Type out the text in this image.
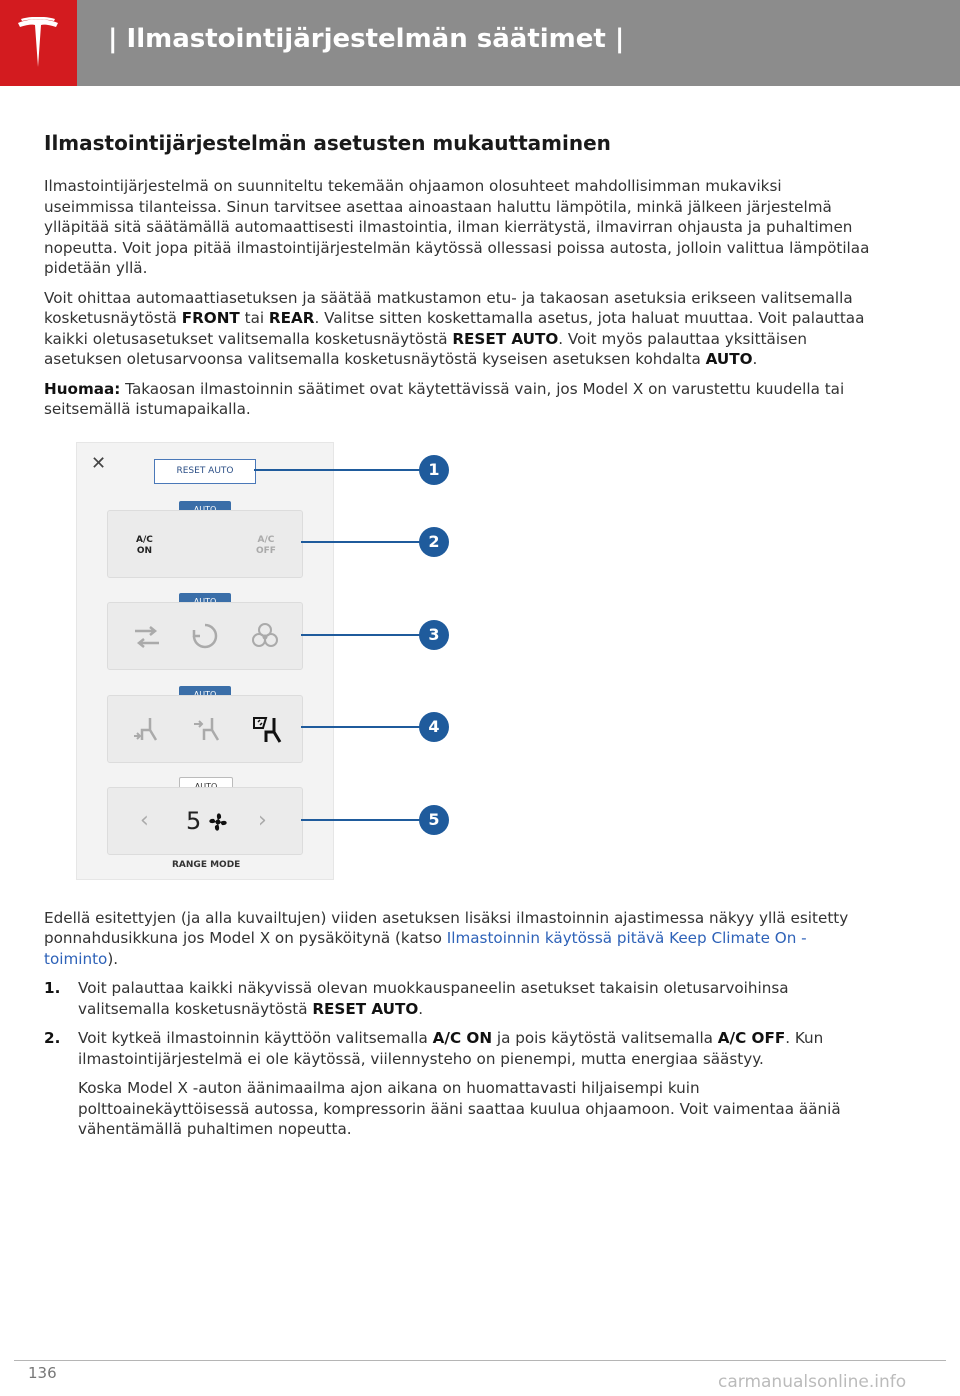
| Ilmastointijärjestelmän säätimet |
Ilmastointijärjestelmän asetusten mukauttaminen

Ilmastointijärjestelmä on suunniteltu tekemään ohjaamon olosuhteet mahdollisimman mukaviksi useimmissa tilanteissa. Sinun tarvitsee asettaa ainoastaan haluttu lämpötila, minkä jälkeen järjestelmä ylläpitää sitä säätämällä automaattisesti ilmastointia, ilman kierrätystä, ilmavirran ohjausta ja puhaltimen nopeutta. Voit jopa pitää ilmastointijärjestelmän käytössä ollessasi poissa autosta, jolloin valittua lämpötilaa pidetään yllä.

Voit ohittaa automaattiasetuksen ja säätää matkustamon etu- ja takaosan asetuksia erikseen valitsemalla kosketusnäytöstä FRONT tai REAR. Valitse sitten koskettamalla asetus, jota haluat muuttaa. Voit palauttaa kaikki oletusasetukset valitsemalla kosketusnäytöstä RESET AUTO. Voit myös palauttaa yksittäisen asetuksen oletusarvoonsa valitsemalla kosketusnäytöstä kyseisen asetuksen kohdalta AUTO.

Huomaa: Takaosan ilmastoinnin säätimet ovat käytettävissä vain, jos Model X on varustettu kuudella tai seitsemällä istumapaikalla.

✕	RESET AUTO
A/C
ON
A/C
OFF
‹ 5	›
RANGE MODE
1
2
3
4
5

Edellä esitettyjen (ja alla kuvailtujen) viiden asetuksen lisäksi ilmastoinnin ajastimessa näkyy yllä esitetty ponnahdusikkuna jos Model X on pysäköitynä (katso Ilmastoinnin käytössä pitävä Keep Climate On -toiminto).

1. Voit palauttaa kaikki näkyvissä olevan muokkauspaneelin asetukset takaisin oletusarvoihinsa valitsemalla kosketusnäytöstä RESET AUTO.

2. Voit kytkeä ilmastoinnin käyttöön valitsemalla A/C ON ja pois käytöstä valitsemalla A/C OFF. Kun ilmastointijärjestelmä ei ole käytössä, viilennysteho on pienempi, mutta energiaa säästyy.

Koska Model X -auton äänimaailma ajon aikana on huomattavasti hiljaisempi kuin polttoainekäyttöisessä autossa, kompressorin ääni saattaa kuulua ohjaamoon. Voit vaimentaa ääniä vähentämällä puhaltimen nopeutta.

136	carmanualsonline.info
